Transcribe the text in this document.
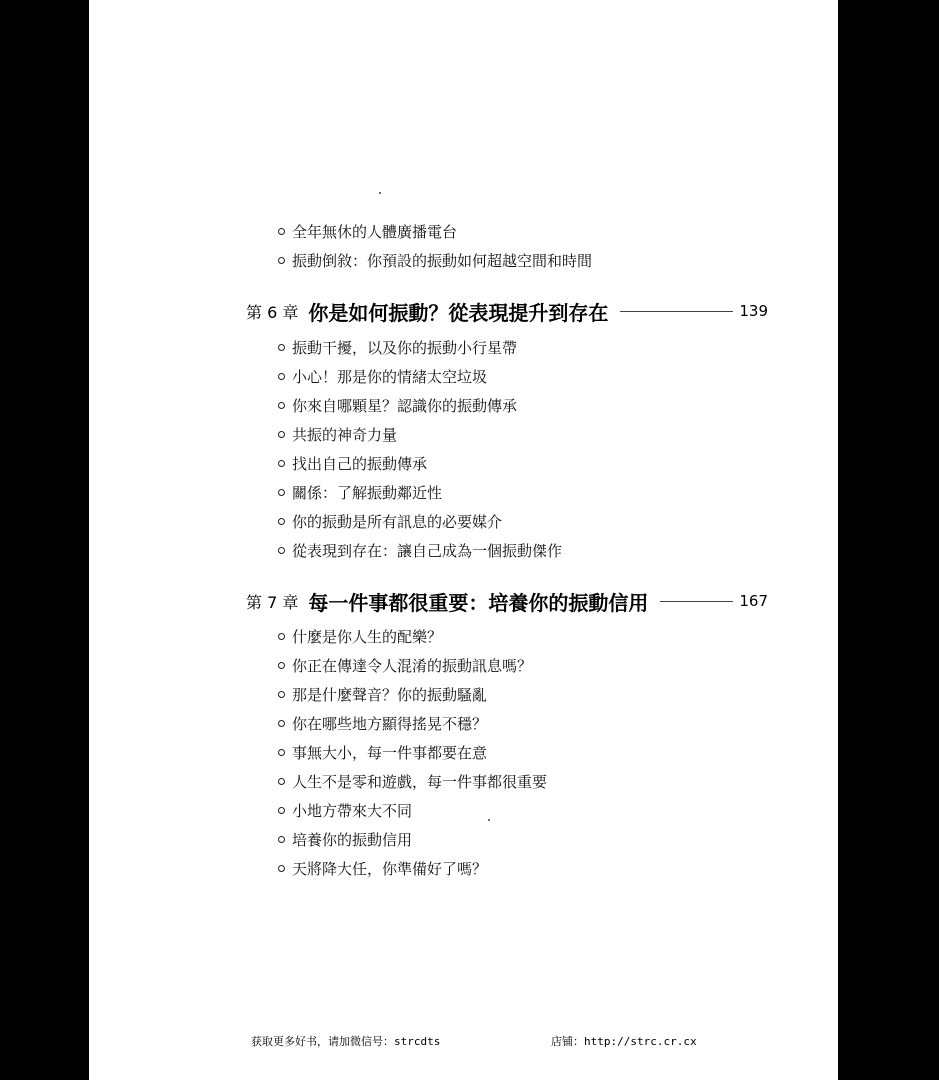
全年無休的人體廣播電台
振動倒敘：你預設的振動如何超越空間和時間
第 6 章 你是如何振動？從表現提升到存在	139
振動干擾，以及你的振動小行星帶
小心！那是你的情緒太空垃圾
你來自哪顆星？認識你的振動傳承
共振的神奇力量
找出自己的振動傳承
關係：了解振動鄰近性
你的振動是所有訊息的必要媒介
從表現到存在：讓自己成為一個振動傑作
第 7 章 每一件事都很重要：培養你的振動信用	167
什麼是你人生的配樂？
你正在傳達令人混淆的振動訊息嗎？
那是什麼聲音？你的振動騷亂
你在哪些地方顯得搖晃不穩？
事無大小，每一件事都要在意
人生不是零和遊戲，每一件事都很重要
小地方帶來大不同
培養你的振動信用
天將降大任，你準備好了嗎？
获取更多好书，请加微信号：strcdts	店铺：http://strc.cr.cx
